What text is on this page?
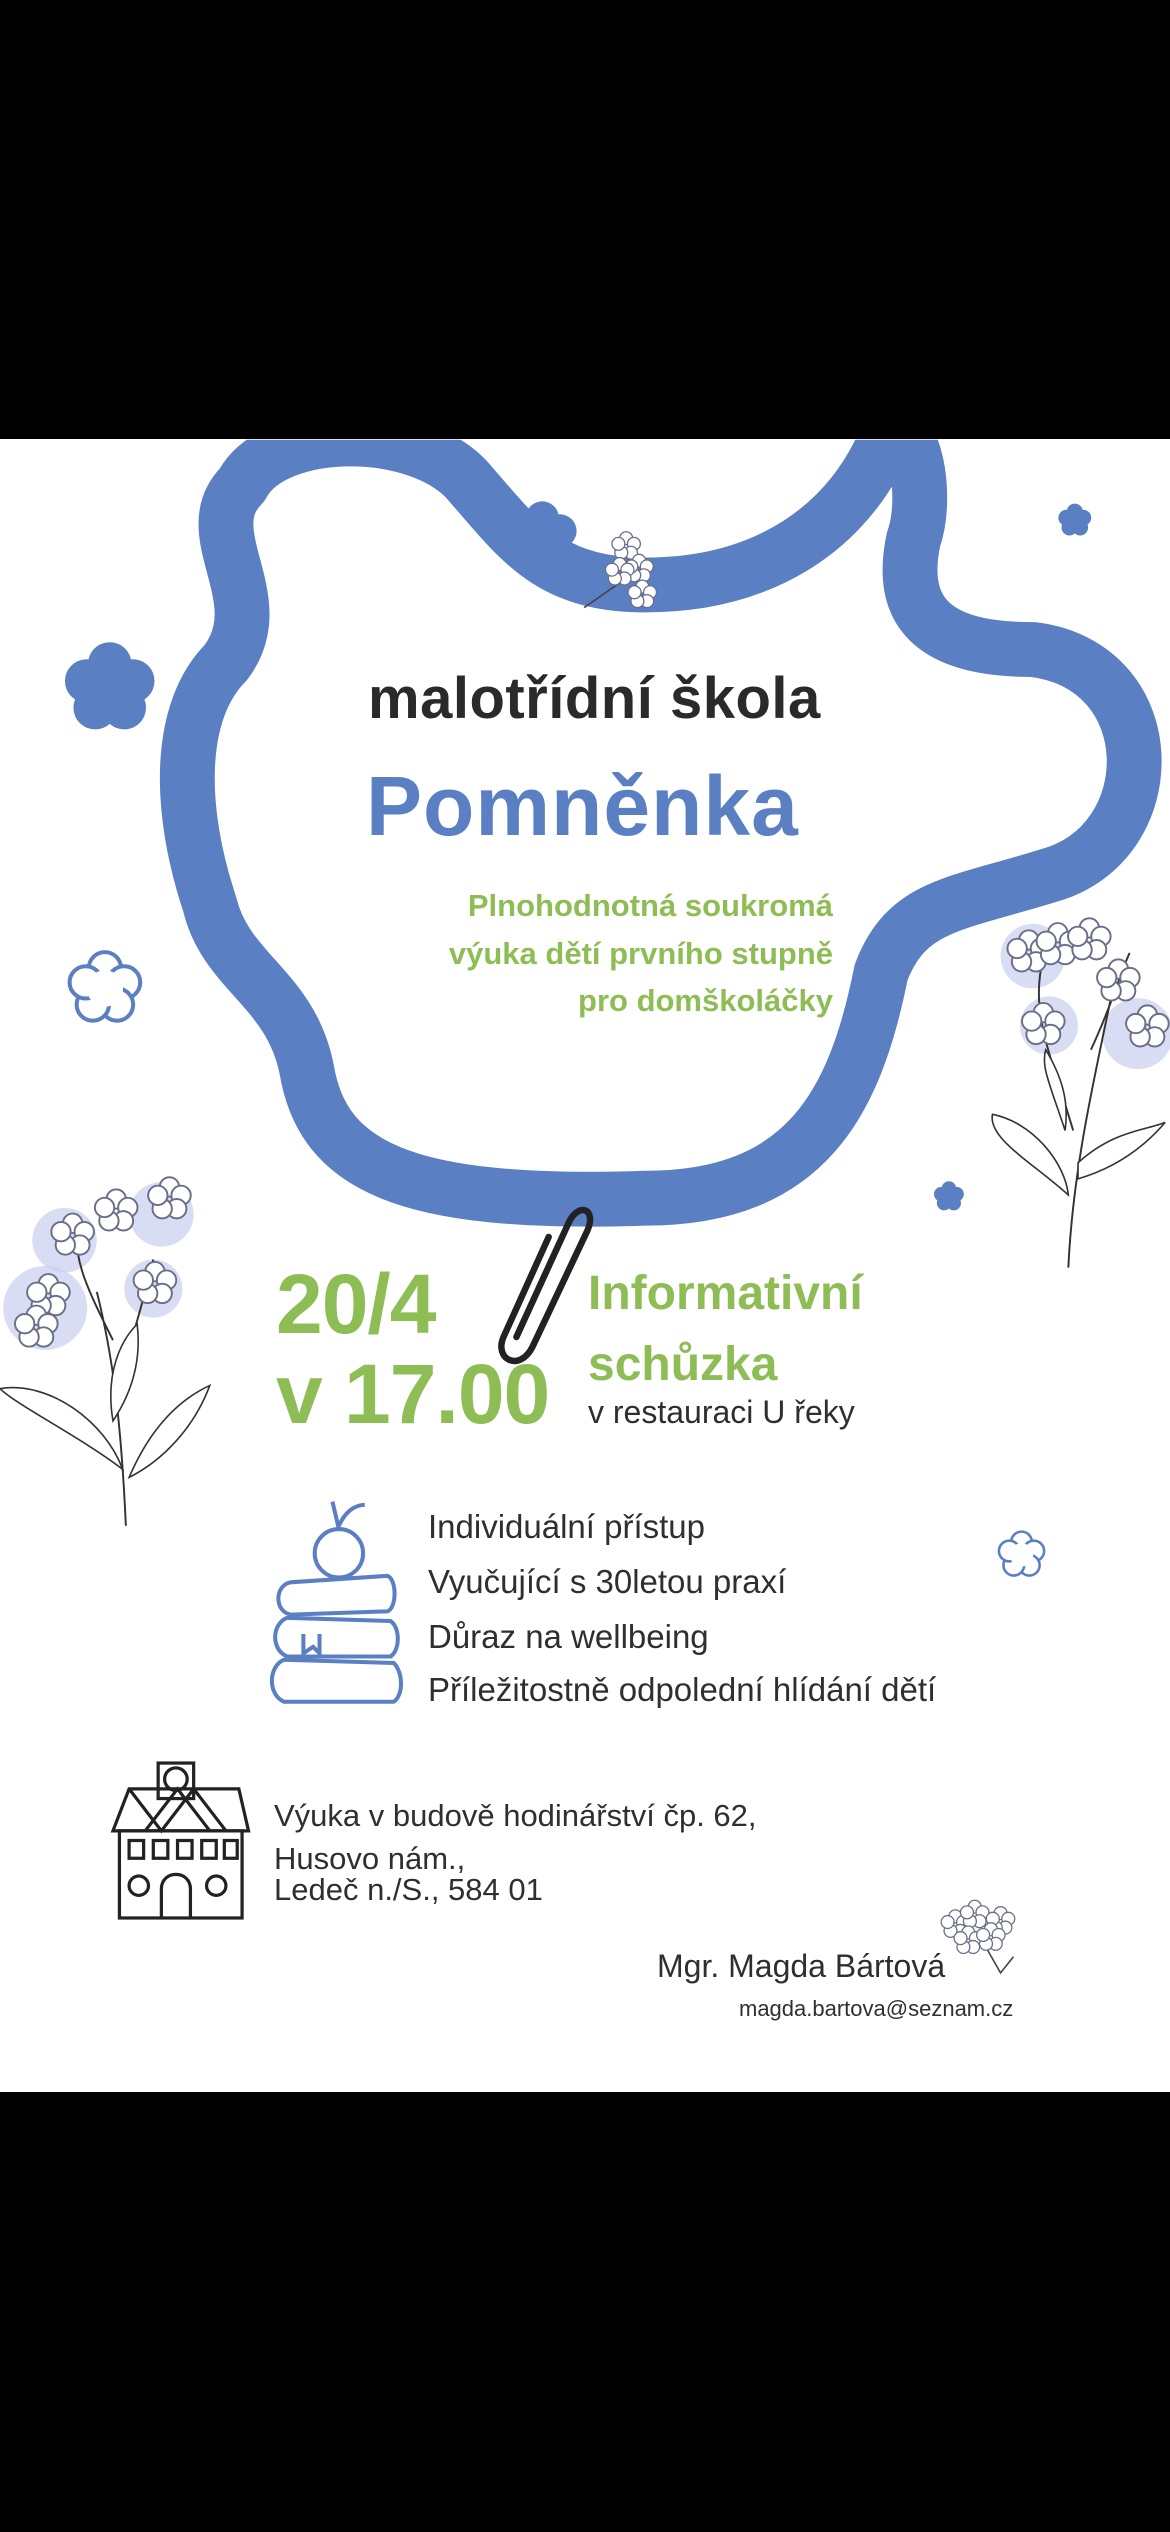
malotřídní škola

Pomněnka

Plnohodnotná soukromá

výuka dětí prvního stupně

pro domškoláčky

20/4

v 17.00

Informativní

schůzka

v restauraci U řeky

Individuální přístup

Vyučující s 30letou praxí

Důraz na wellbeing

Příležitostně odpolední hlídání dětí

Výuka v budově hodinářství čp. 62,

Husovo nám.,

Ledeč n./S., 584 01

Mgr. Magda Bártová

magda.bartova@seznam.cz
